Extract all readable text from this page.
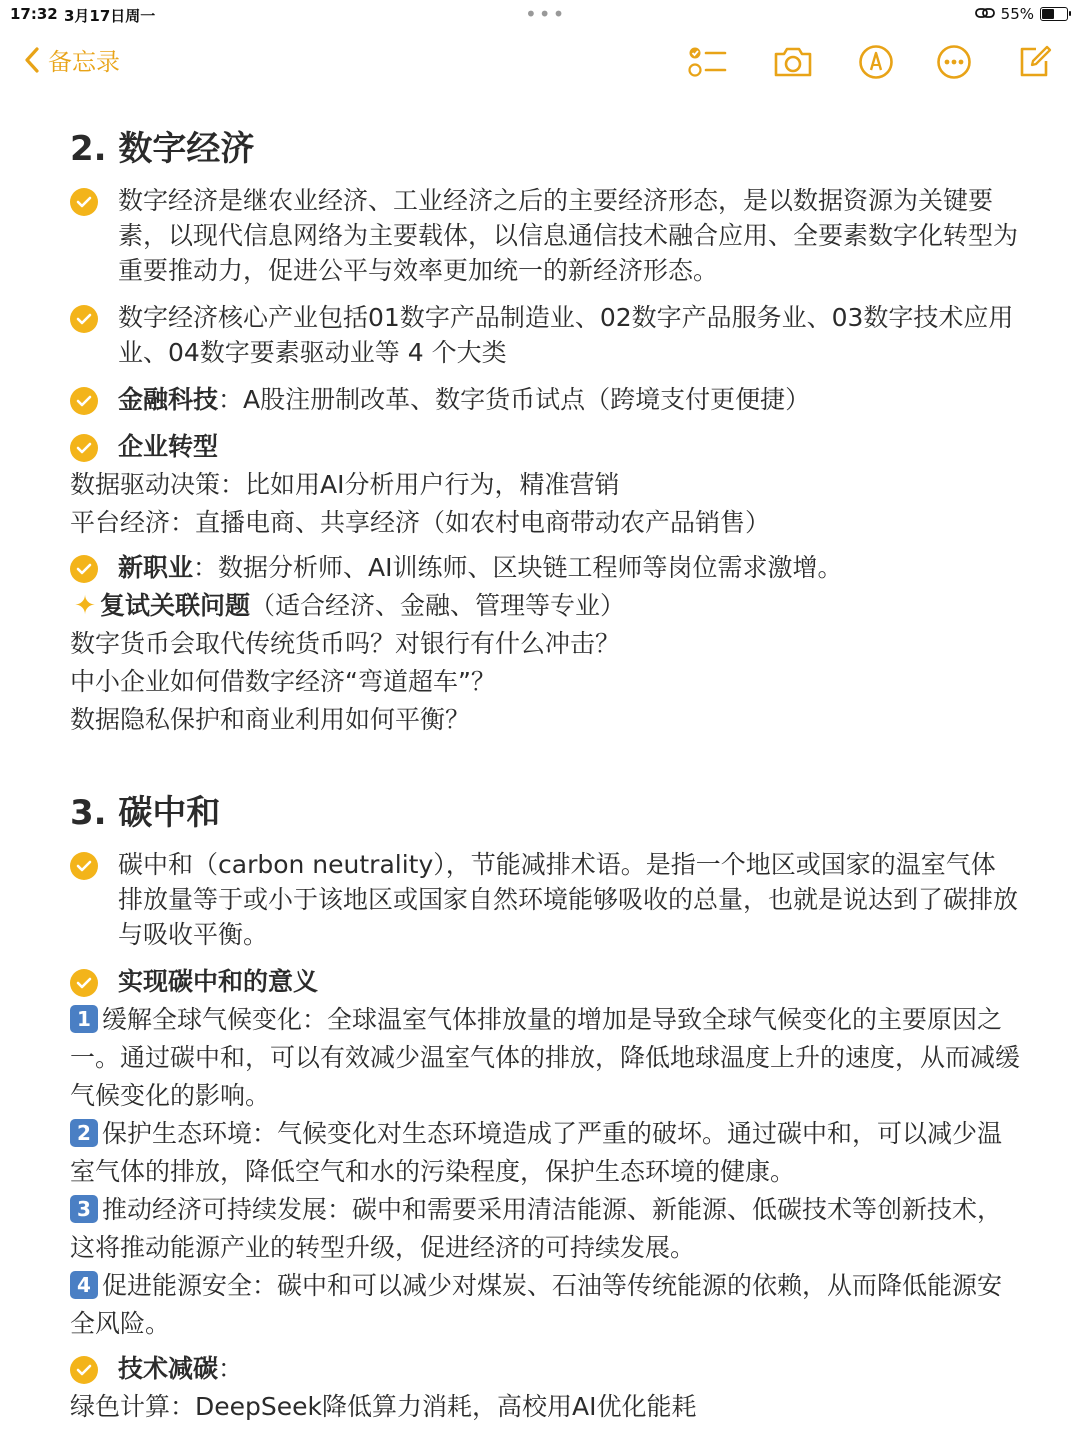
17:32 3月17日周一	•••	55%
备忘录
2. 数字经济
数字经济是继农业经济、工业经济之后的主要经济形态，是以数据资源为关键要素，以现代信息网络为主要载体，以信息通信技术融合应用、全要素数字化转型为重要推动力，促进公平与效率更加统一的新经济形态。
数字经济核心产业包括01数字产品制造业、02数字产品服务业、03数字技术应用业、04数字要素驱动业等 4 个大类
金融科技：A股注册制改革、数字货币试点（跨境支付更便捷）
企业转型
数据驱动决策：比如用AI分析用户行为，精准营销
平台经济：直播电商、共享经济（如农村电商带动农产品销售）
新职业：数据分析师、AI训练师、区块链工程师等岗位需求激增。
✦ 复试关联问题（适合经济、金融、管理等专业）
数字货币会取代传统货币吗？对银行有什么冲击？
中小企业如何借数字经济“弯道超车”？
数据隐私保护和商业利用如何平衡？
3. 碳中和
碳中和（carbon neutrality），节能减排术语。是指一个地区或国家的温室气体排放量等于或小于该地区或国家自然环境能够吸收的总量，也就是说达到了碳排放与吸收平衡。
实现碳中和的意义
1 缓解全球气候变化：全球温室气体排放量的增加是导致全球气候变化的主要原因之一。通过碳中和，可以有效减少温室气体的排放，降低地球温度上升的速度，从而减缓气候变化的影响。
2 保护生态环境：气候变化对生态环境造成了严重的破坏。通过碳中和，可以减少温室气体的排放，降低空气和水的污染程度，保护生态环境的健康。
3 推动经济可持续发展：碳中和需要采用清洁能源、新能源、低碳技术等创新技术，这将推动能源产业的转型升级，促进经济的可持续发展。
4 促进能源安全：碳中和可以减少对煤炭、石油等传统能源的依赖，从而降低能源安全风险。
技术减碳：
绿色计算：DeepSeek降低算力消耗，高校用AI优化能耗
